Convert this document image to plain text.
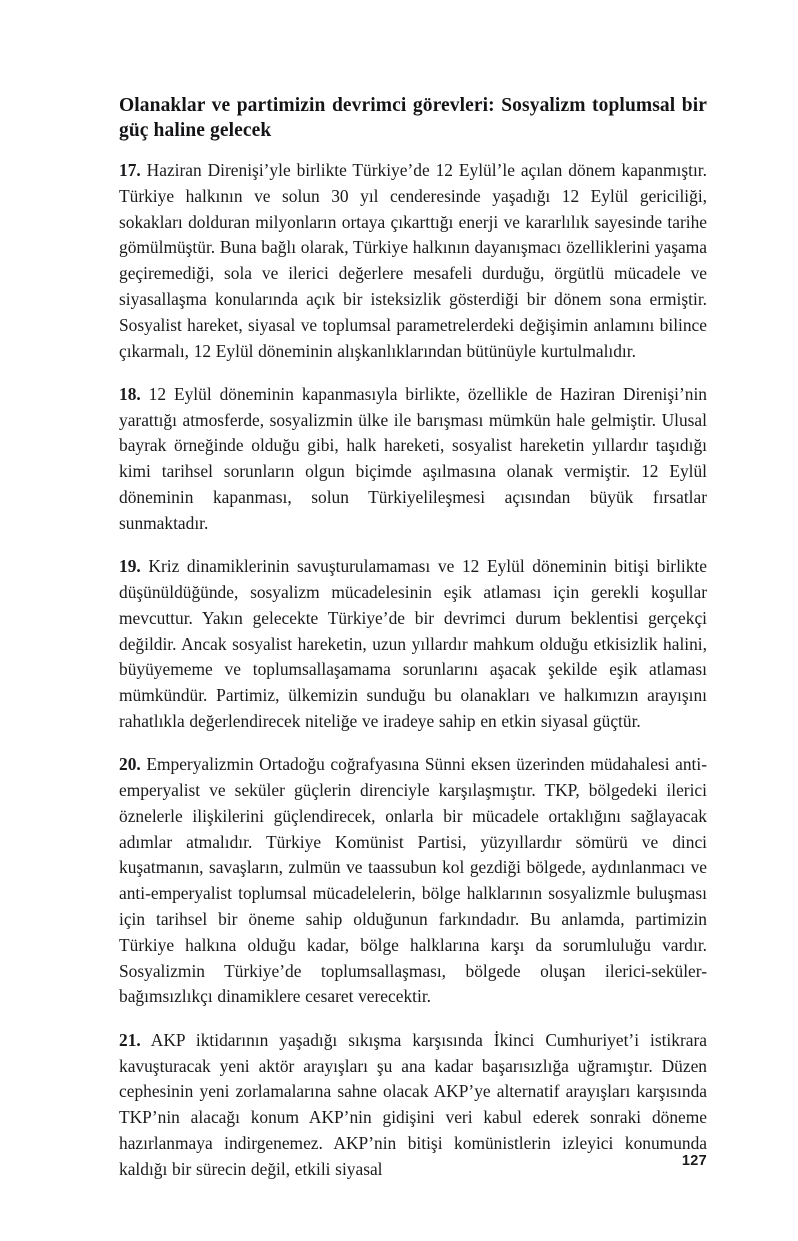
Olanaklar ve partimizin devrimci görevleri: Sosyalizm toplumsal bir güç haline gelecek

17. Haziran Direnişi’yle birlikte Türkiye’de 12 Eylül’le açılan dönem kapanmıştır. Türkiye halkının ve solun 30 yıl cenderesinde yaşadığı 12 Eylül gericiliği, sokakları dolduran milyonların ortaya çıkarttığı enerji ve kararlılık sayesinde tarihe gömülmüştür. Buna bağlı olarak, Türkiye halkının dayanışmacı özelliklerini yaşama geçiremediği, sola ve ilerici değerlere mesafeli durduğu, örgütlü mücadele ve siyasallaşma konularında açık bir isteksizlik gösterdiği bir dönem sona ermiştir. Sosyalist hareket, siyasal ve toplumsal parametrelerdeki değişimin anlamını bilince çıkarmalı, 12 Eylül döneminin alışkanlıklarından bütünüyle kurtulmalıdır.

18. 12 Eylül döneminin kapanmasıyla birlikte, özellikle de Haziran Direnişi’nin yarattığı atmosferde, sosyalizmin ülke ile barışması mümkün hale gelmiştir. Ulusal bayrak örneğinde olduğu gibi, halk hareketi, sosyalist hareketin yıllardır taşıdığı kimi tarihsel sorunların olgun biçimde aşılmasına olanak vermiştir. 12 Eylül döneminin kapanması, solun Türkiyelileşmesi açısından büyük fırsatlar sunmaktadır.

19. Kriz dinamiklerinin savuşturulamaması ve 12 Eylül döneminin bitişi birlikte düşünüldüğünde, sosyalizm mücadelesinin eşik atlaması için gerekli koşullar mevcuttur. Yakın gelecekte Türkiye’de bir devrimci durum beklentisi gerçekçi değildir. Ancak sosyalist hareketin, uzun yıllardır mahkum olduğu etkisizlik halini, büyüyememe ve toplumsallaşamama sorunlarını aşacak şekilde eşik atlaması mümkündür. Partimiz, ülkemizin sunduğu bu olanakları ve halkımızın arayışını rahatlıkla değerlendirecek niteliğe ve iradeye sahip en etkin siyasal güçtür.

20. Emperyalizmin Ortadoğu coğrafyasına Sünni eksen üzerinden müdahalesi anti-emperyalist ve seküler güçlerin direnciyle karşılaşmıştır. TKP, bölgedeki ilerici öznelerle ilişkilerini güçlendirecek, onlarla bir mücadele ortaklığını sağlayacak adımlar atmalıdır. Türkiye Komünist Partisi, yüzyıllardır sömürü ve dinci kuşatmanın, savaşların, zulmün ve taassubun kol gezdiği bölgede, aydınlanmacı ve anti-emperyalist toplumsal mücadelelerin, bölge halklarının sosyalizmle buluşması için tarihsel bir öneme sahip olduğunun farkındadır. Bu anlamda, partimizin Türkiye halkına olduğu kadar, bölge halklarına karşı da sorumluluğu vardır. Sosyalizmin Türkiye’de toplumsallaşması, bölgede oluşan ilerici-seküler-bağımsızlıkçı dinamiklere cesaret verecektir.

21. AKP iktidarının yaşadığı sıkışma karşısında İkinci Cumhuriyet’i istikrara kavuşturacak yeni aktör arayışları şu ana kadar başarısızlığa uğramıştır. Düzen cephesinin yeni zorlamalarına sahne olacak AKP’ye alternatif arayışları karşısında TKP’nin alacağı konum AKP’nin gidişini veri kabul ederek sonraki döneme hazırlanmaya indirgenemez. AKP’nin bitişi komünistlerin izleyici konumunda kaldığı bir sürecin değil, etkili siyasal	127
